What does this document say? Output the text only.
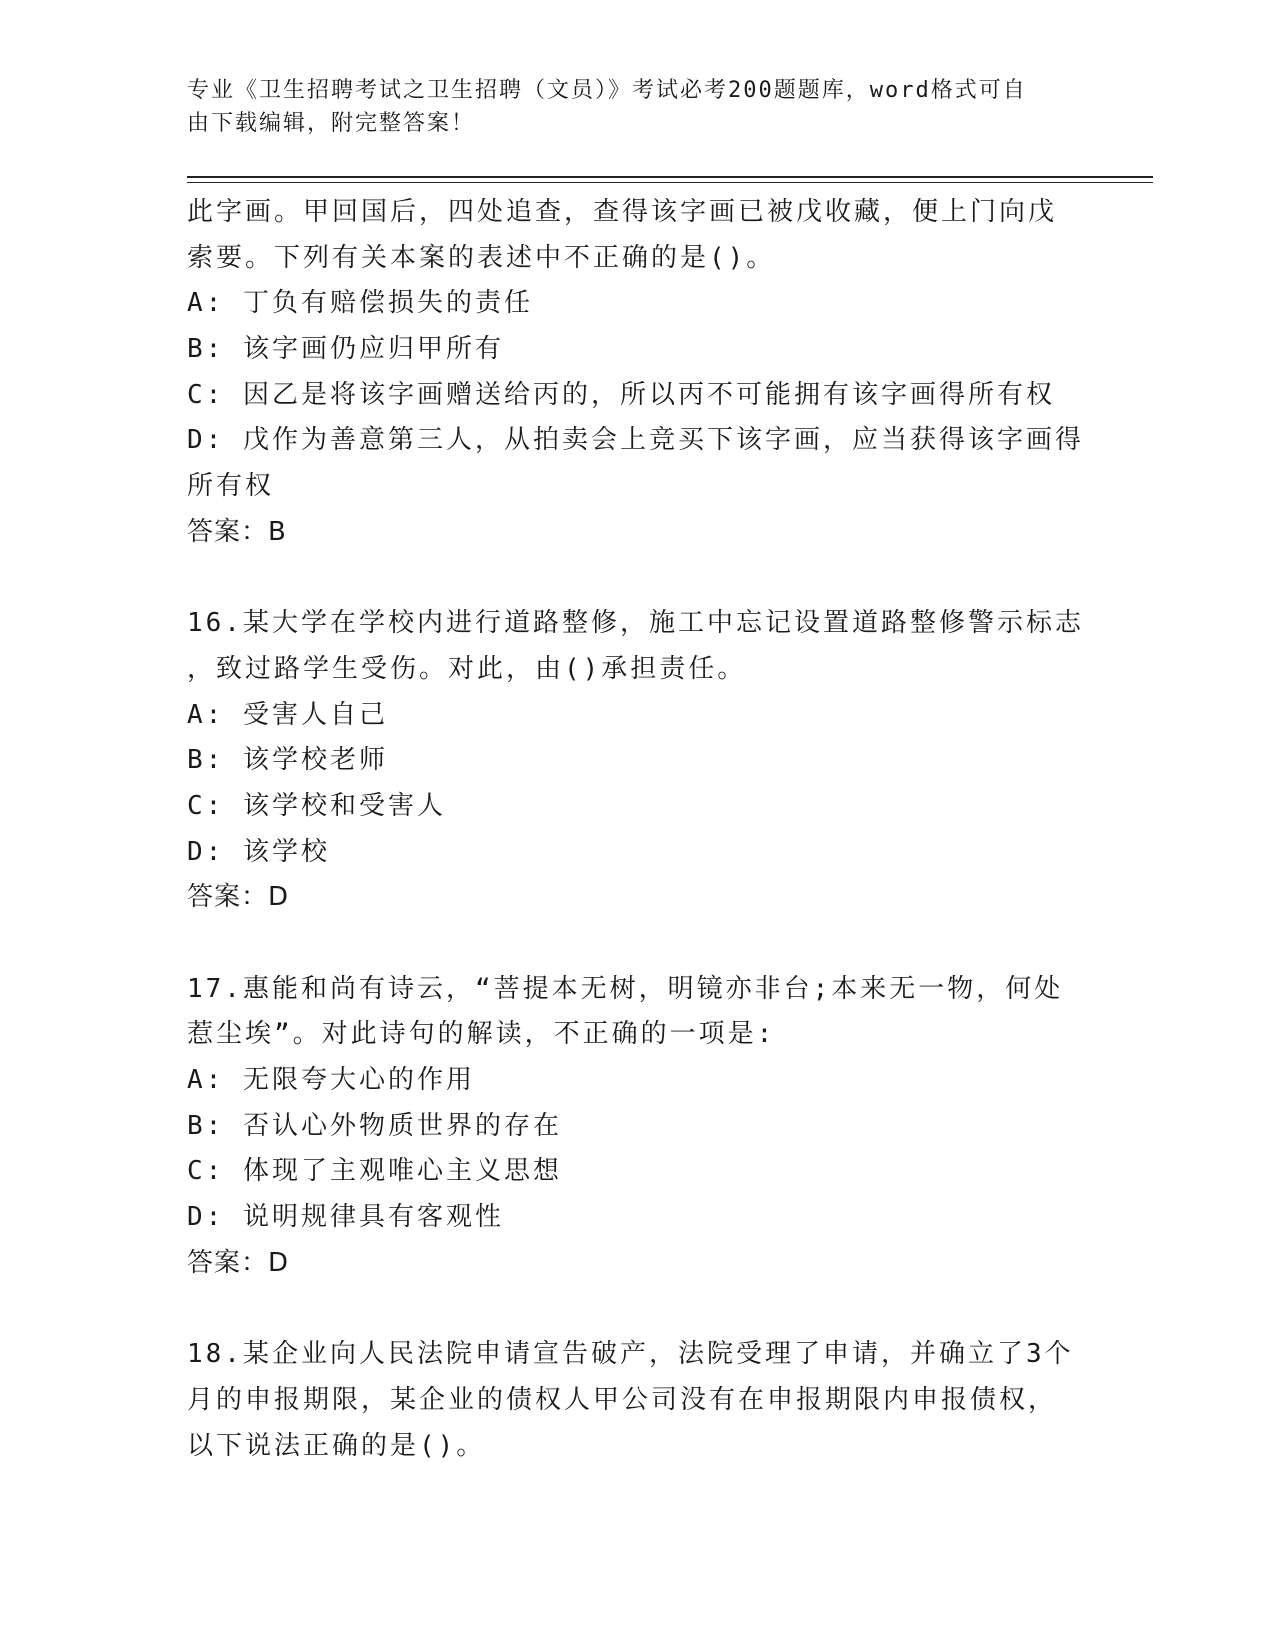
专业《卫生招聘考试之卫生招聘（文员）》考试必考200题题库，word格式可自
由下载编辑，附完整答案！
此字画。甲回国后，四处追查，查得该字画已被戊收藏，便上门向戊
索要。下列有关本案的表述中不正确的是()。
A: 丁负有赔偿损失的责任
B: 该字画仍应归甲所有
C: 因乙是将该字画赠送给丙的，所以丙不可能拥有该字画得所有权
D: 戊作为善意第三人，从拍卖会上竞买下该字画，应当获得该字画得
所有权
答案：B
16.某大学在学校内进行道路整修，施工中忘记设置道路整修警示标志
，致过路学生受伤。对此，由()承担责任。
A: 受害人自己
B: 该学校老师
C: 该学校和受害人
D: 该学校
答案：D
17.惠能和尚有诗云，“菩提本无树，明镜亦非台;本来无一物，何处
惹尘埃”。对此诗句的解读，不正确的一项是:
A: 无限夸大心的作用
B: 否认心外物质世界的存在
C: 体现了主观唯心主义思想
D: 说明规律具有客观性
答案：D
18.某企业向人民法院申请宣告破产，法院受理了申请，并确立了3个
月的申报期限，某企业的债权人甲公司没有在申报期限内申报债权，
以下说法正确的是()。
